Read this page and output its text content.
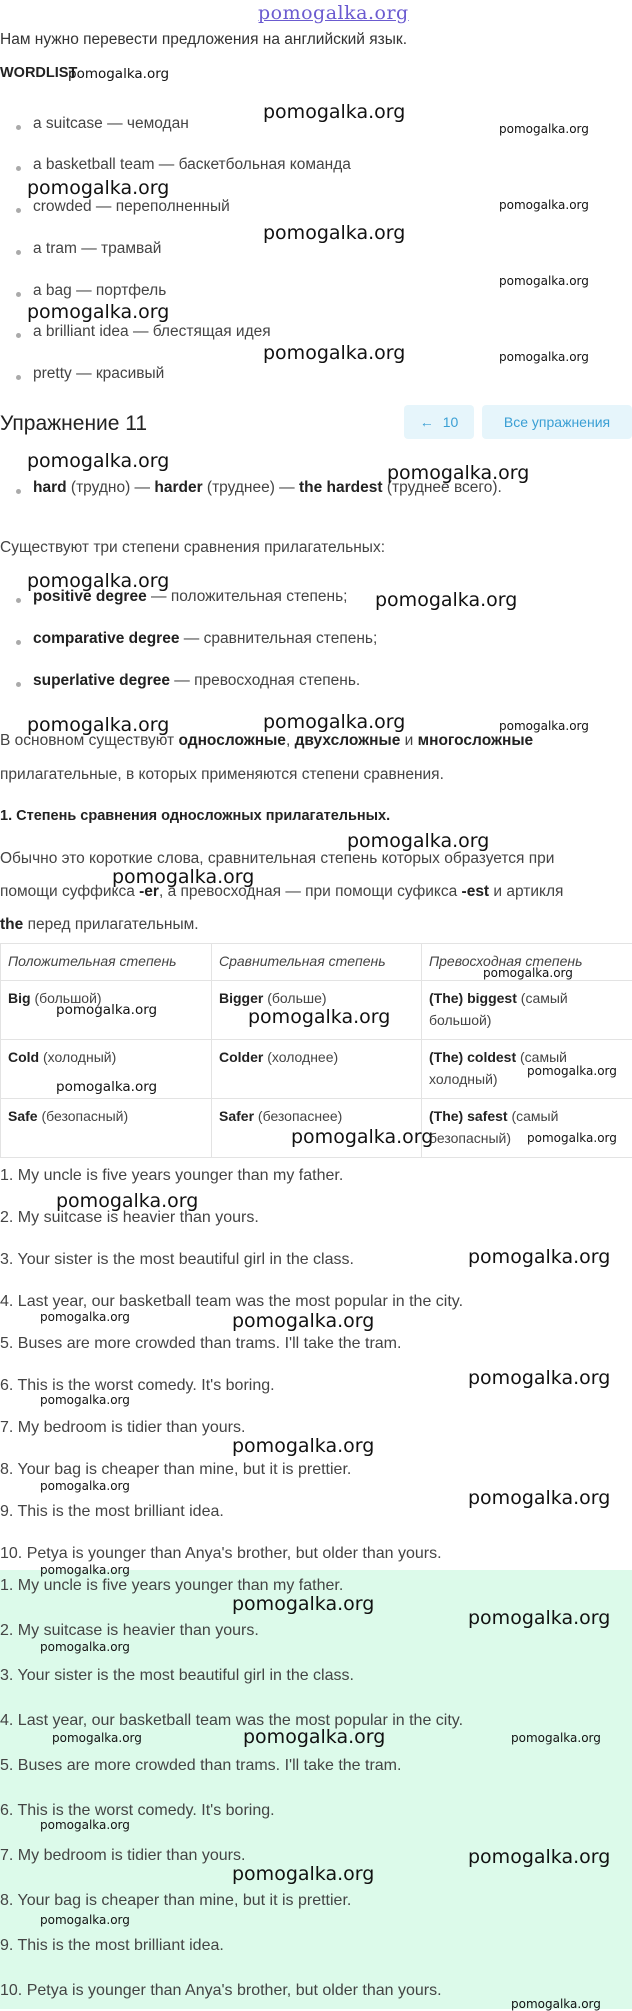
pomogalka.org
Нам нужно перевести предложения на английский язык.
WORDLIST
a suitcase — чемодан
a basketball team — баскетбольная команда
crowded — переполненный
a tram — трамвай
a bag — портфель
a brilliant idea — блестящая идея
pretty — красивый
Упражнение 11	← 10	Все упражнения
hard (трудно) — harder (труднее) — the hardest (труднее всего).
Существуют три степени сравнения прилагательных:
positive degree — положительная степень;
comparative degree — сравнительная степень;
superlative degree — превосходная степень.
В основном существуют односложные, двухсложные и многосложные
прилагательные, в которых применяются степени сравнения.
1. Степень сравнения односложных прилагательных.
Обычно это короткие слова, сравнительная степень которых образуется при
помощи суффикса -er, а превосходная — при помощи суфикса -est и артикля
the перед прилагательным.
Положительная степень	Сравнительная степень	Превосходная степень
Big (большой)	Bigger (больше)	(The) biggest (самый большой)
Cold (холодный)	Colder (холоднее)	(The) coldest (самый холодный)
Safe (безопасный)	Safer (безопаснее)	(The) safest (самый безопасный)
1. My uncle is five years younger than my father.
2. My suitcase is heavier than yours.
3. Your sister is the most beautiful girl in the class.
4. Last year, our basketball team was the most popular in the city.
5. Buses are more crowded than trams. I'll take the tram.
6. This is the worst comedy. It's boring.
7. My bedroom is tidier than yours.
8. Your bag is cheaper than mine, but it is prettier.
9. This is the most brilliant idea.
10. Petya is younger than Anya's brother, but older than yours.
1. My uncle is five years younger than my father.
2. My suitcase is heavier than yours.
3. Your sister is the most beautiful girl in the class.
4. Last year, our basketball team was the most popular in the city.
5. Buses are more crowded than trams. I'll take the tram.
6. This is the worst comedy. It's boring.
7. My bedroom is tidier than yours.
8. Your bag is cheaper than mine, but it is prettier.
9. This is the most brilliant idea.
10. Petya is younger than Anya's brother, but older than yours.
pomogalka.org
pomogalka.org
pomogalka.org
pomogalka.org
pomogalka.org
pomogalka.org
pomogalka.org
pomogalka.org
pomogalka.org	pomogalka.org
pomogalka.org
pomogalka.org
pomogalka.org
pomogalka.org
pomogalka.org	pomogalka.org	pomogalka.org
pomogalka.org
pomogalka.org
pomogalka.org
pomogalka.org	pomogalka.org
pomogalka.org
pomogalka.org
pomogalka.org	pomogalka.org
pomogalka.org
pomogalka.org
pomogalka.org	pomogalka.org
pomogalka.org
pomogalka.org
pomogalka.org
pomogalka.org
pomogalka.org
pomogalka.org
pomogalka.org
pomogalka.org
pomogalka.org
pomogalka.org	pomogalka.org	pomogalka.org
pomogalka.org
pomogalka.org
pomogalka.org
pomogalka.org
pomogalka.org
